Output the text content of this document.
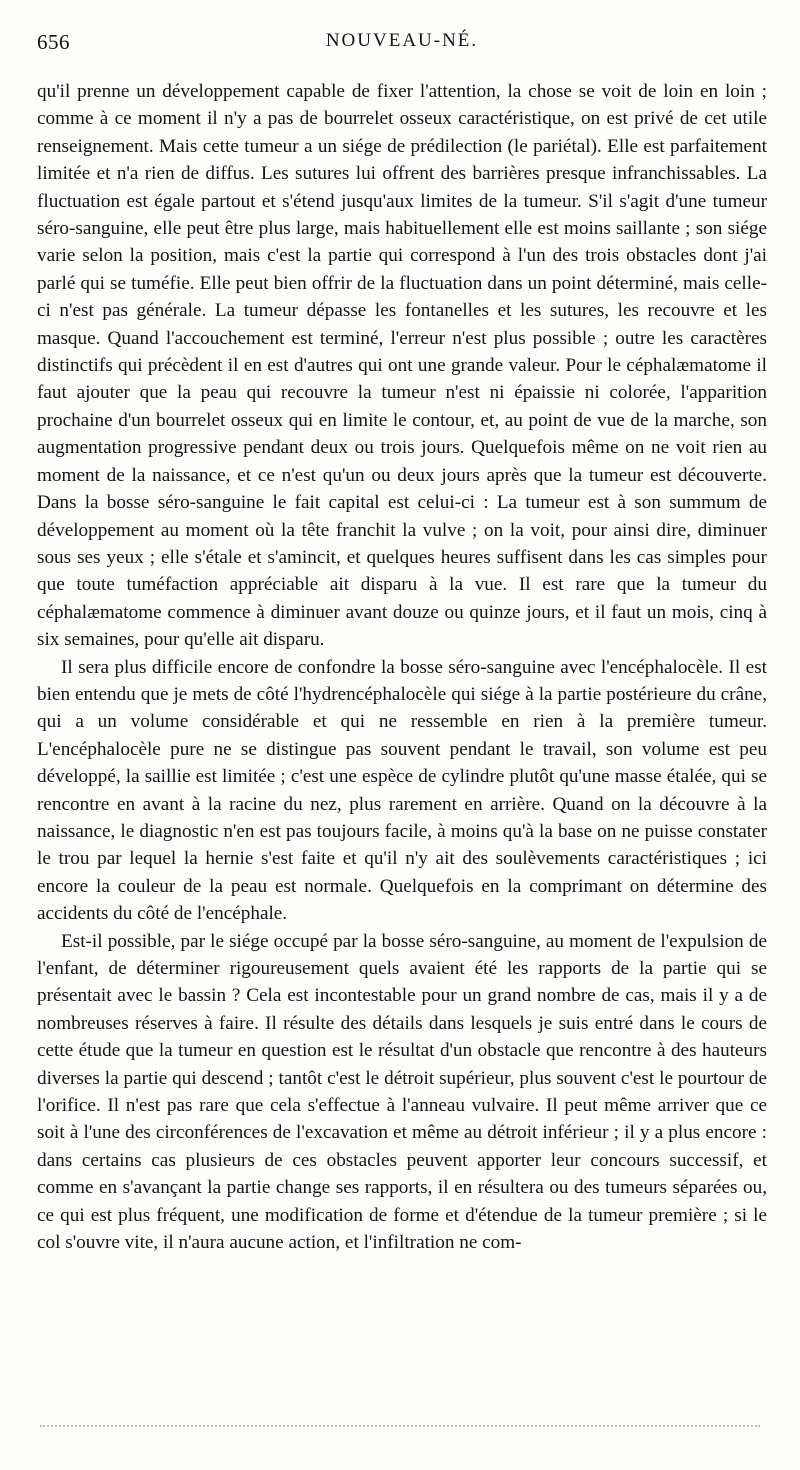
656	NOUVEAU-NÉ.

qu'il prenne un développement capable de fixer l'attention, la chose se voit de loin en loin ; comme à ce moment il n'y a pas de bourrelet osseux caractéristique, on est privé de cet utile renseignement. Mais cette tumeur a un siége de prédilection (le pariétal). Elle est parfaitement limitée et n'a rien de diffus. Les sutures lui offrent des barrières presque infranchissables. La fluctuation est égale partout et s'étend jusqu'aux limites de la tumeur. S'il s'agit d'une tumeur séro-sanguine, elle peut être plus large, mais habituellement elle est moins saillante ; son siége varie selon la position, mais c'est la partie qui correspond à l'un des trois obstacles dont j'ai parlé qui se tuméfie. Elle peut bien offrir de la fluctuation dans un point déterminé, mais celle-ci n'est pas générale. La tumeur dépasse les fontanelles et les sutures, les recouvre et les masque. Quand l'accouchement est terminé, l'erreur n'est plus possible ; outre les caractères distinctifs qui précèdent il en est d'autres qui ont une grande valeur. Pour le céphalæmatome il faut ajouter que la peau qui recouvre la tumeur n'est ni épaissie ni colorée, l'apparition prochaine d'un bourrelet osseux qui en limite le contour, et, au point de vue de la marche, son augmentation progressive pendant deux ou trois jours. Quelquefois même on ne voit rien au moment de la naissance, et ce n'est qu'un ou deux jours après que la tumeur est découverte. Dans la bosse séro-sanguine le fait capital est celui-ci : La tumeur est à son summum de développement au moment où la tête franchit la vulve ; on la voit, pour ainsi dire, diminuer sous ses yeux ; elle s'étale et s'amincit, et quelques heures suffisent dans les cas simples pour que toute tuméfaction appréciable ait disparu à la vue. Il est rare que la tumeur du céphalæmatome commence à diminuer avant douze ou quinze jours, et il faut un mois, cinq à six semaines, pour qu'elle ait disparu.

Il sera plus difficile encore de confondre la bosse séro-sanguine avec l'encéphalocèle. Il est bien entendu que je mets de côté l'hydrencéphalocèle qui siége à la partie postérieure du crâne, qui a un volume considérable et qui ne ressemble en rien à la première tumeur. L'encéphalocèle pure ne se distingue pas souvent pendant le travail, son volume est peu développé, la saillie est limitée ; c'est une espèce de cylindre plutôt qu'une masse étalée, qui se rencontre en avant à la racine du nez, plus rarement en arrière. Quand on la découvre à la naissance, le diagnostic n'en est pas toujours facile, à moins qu'à la base on ne puisse constater le trou par lequel la hernie s'est faite et qu'il n'y ait des soulèvements caractéristiques ; ici encore la couleur de la peau est normale. Quelquefois en la comprimant on détermine des accidents du côté de l'encéphale.

Est-il possible, par le siége occupé par la bosse séro-sanguine, au moment de l'expulsion de l'enfant, de déterminer rigoureusement quels avaient été les rapports de la partie qui se présentait avec le bassin ? Cela est incontestable pour un grand nombre de cas, mais il y a de nombreuses réserves à faire. Il résulte des détails dans lesquels je suis entré dans le cours de cette étude que la tumeur en question est le résultat d'un obstacle que rencontre à des hauteurs diverses la partie qui descend ; tantôt c'est le détroit supérieur, plus souvent c'est le pourtour de l'orifice. Il n'est pas rare que cela s'effectue à l'anneau vulvaire. Il peut même arriver que ce soit à l'une des circonférences de l'excavation et même au détroit inférieur ; il y a plus encore : dans certains cas plusieurs de ces obstacles peuvent apporter leur concours successif, et comme en s'avançant la partie change ses rapports, il en résultera ou des tumeurs séparées ou, ce qui est plus fréquent, une modification de forme et d'étendue de la tumeur première ; si le col s'ouvre vite, il n'aura aucune action, et l'infiltration ne com-
